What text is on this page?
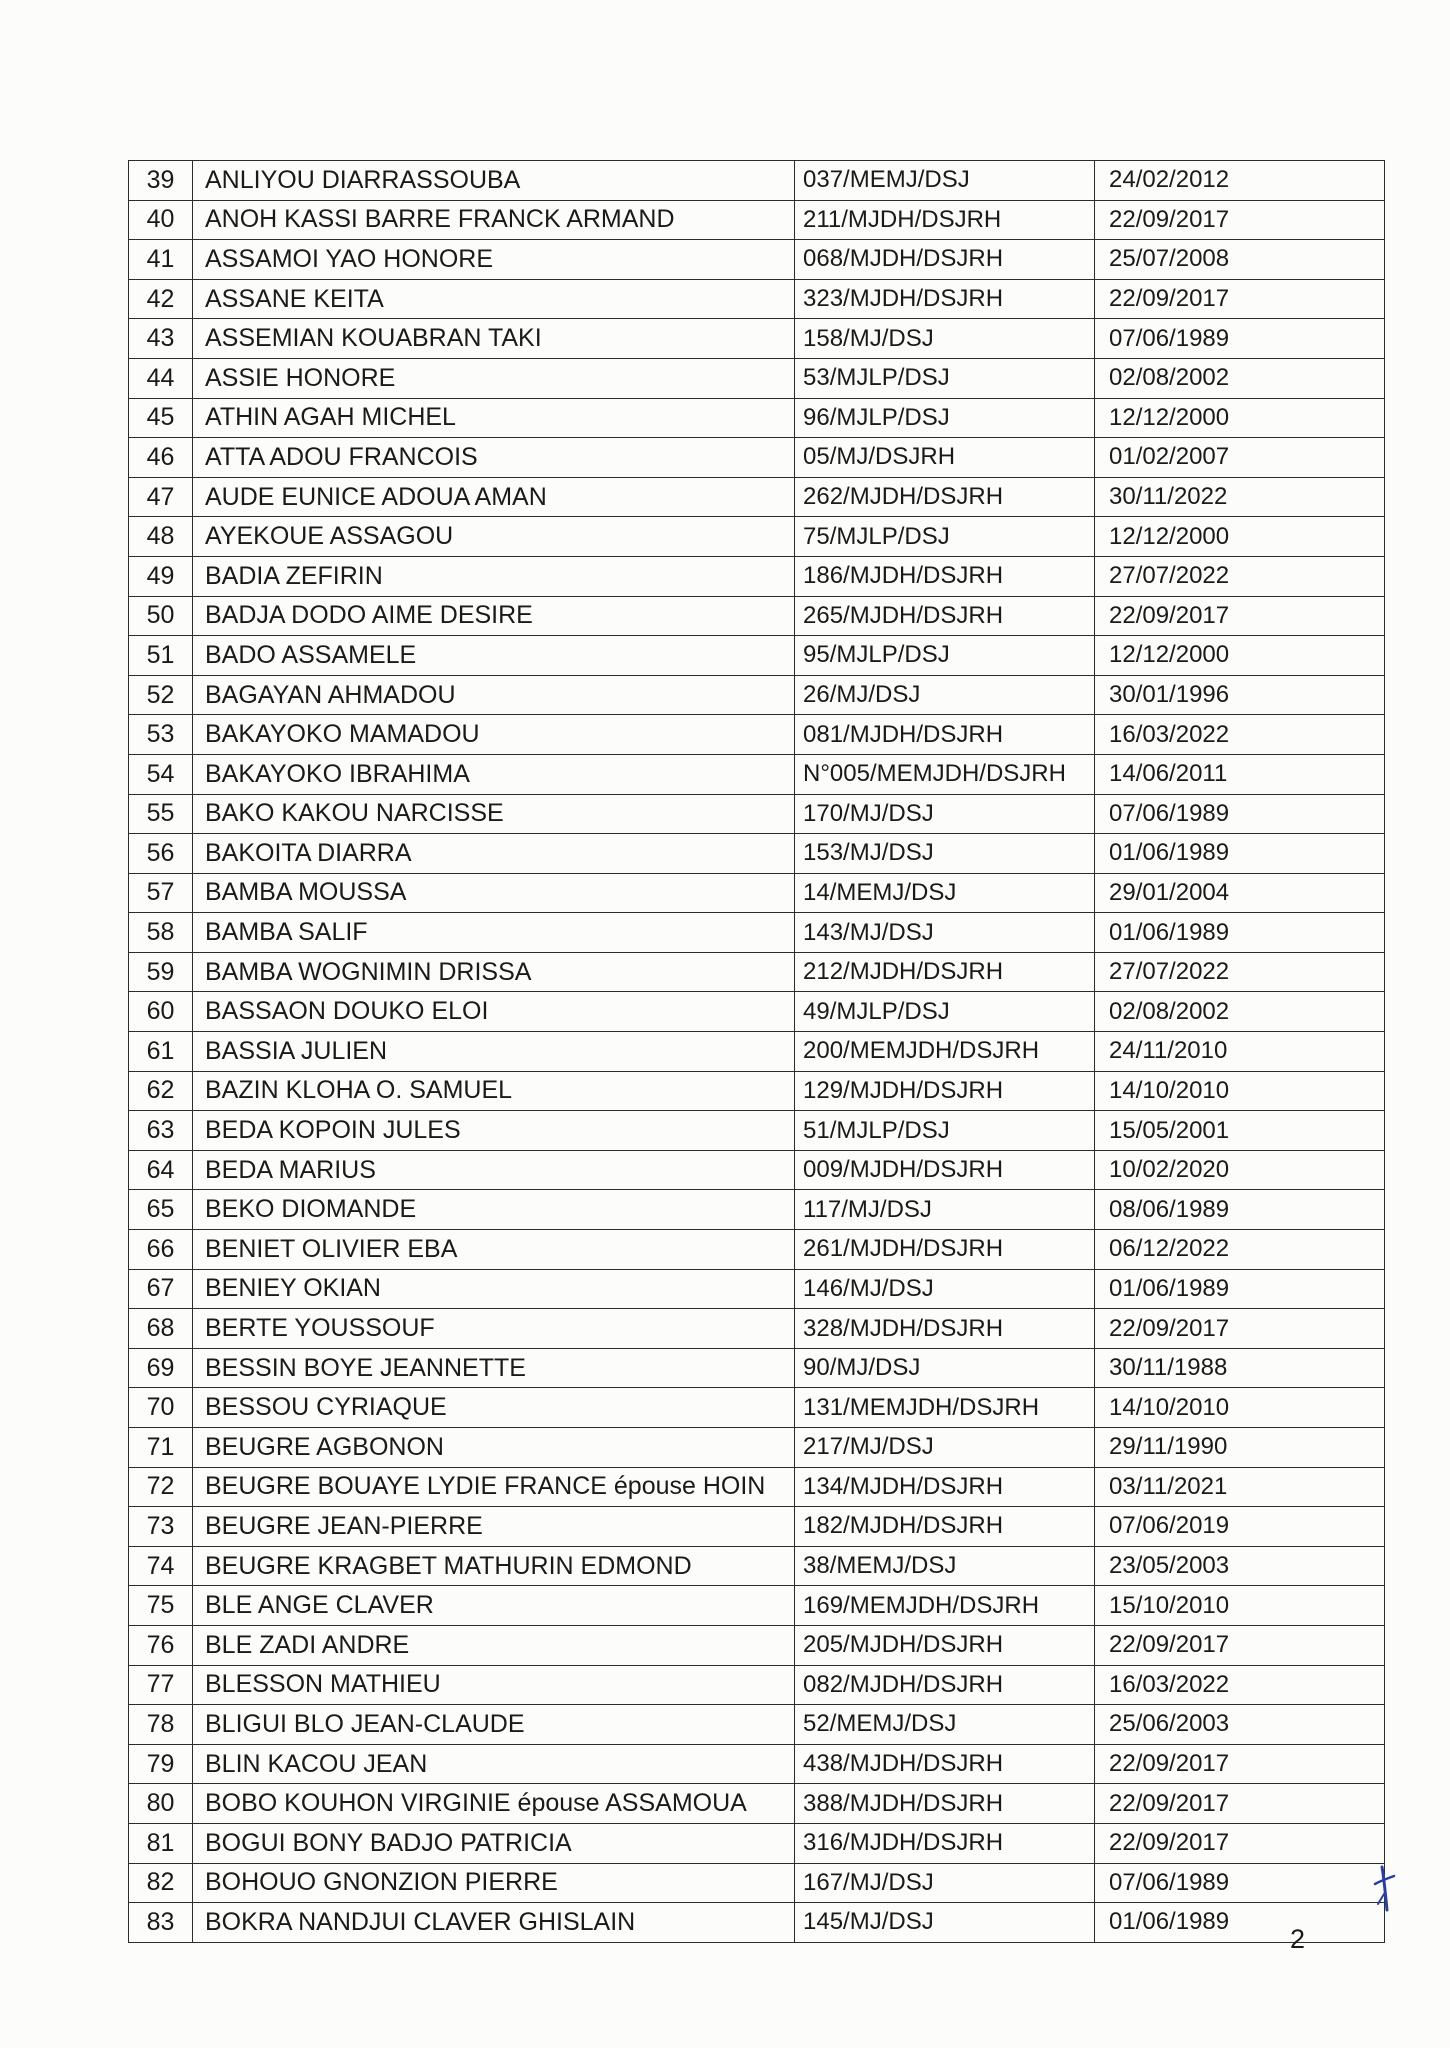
39	ANLIYOU DIARRASSOUBA	037/MEMJ/DSJ	24/02/2012
40	ANOH KASSI BARRE FRANCK ARMAND	211/MJDH/DSJRH	22/09/2017
41	ASSAMOI YAO HONORE	068/MJDH/DSJRH	25/07/2008
42	ASSANE KEITA	323/MJDH/DSJRH	22/09/2017
43	ASSEMIAN KOUABRAN TAKI	158/MJ/DSJ	07/06/1989
44	ASSIE HONORE	53/MJLP/DSJ	02/08/2002
45	ATHIN AGAH MICHEL	96/MJLP/DSJ	12/12/2000
46	ATTA ADOU FRANCOIS	05/MJ/DSJRH	01/02/2007
47	AUDE EUNICE ADOUA AMAN	262/MJDH/DSJRH	30/11/2022
48	AYEKOUE ASSAGOU	75/MJLP/DSJ	12/12/2000
49	BADIA ZEFIRIN	186/MJDH/DSJRH	27/07/2022
50	BADJA DODO AIME DESIRE	265/MJDH/DSJRH	22/09/2017
51	BADO ASSAMELE	95/MJLP/DSJ	12/12/2000
52	BAGAYAN AHMADOU	26/MJ/DSJ	30/01/1996
53	BAKAYOKO MAMADOU	081/MJDH/DSJRH	16/03/2022
54	BAKAYOKO IBRAHIMA	N°005/MEMJDH/DSJRH	14/06/2011
55	BAKO KAKOU NARCISSE	170/MJ/DSJ	07/06/1989
56	BAKOITA DIARRA	153/MJ/DSJ	01/06/1989
57	BAMBA MOUSSA	14/MEMJ/DSJ	29/01/2004
58	BAMBA SALIF	143/MJ/DSJ	01/06/1989
59	BAMBA WOGNIMIN DRISSA	212/MJDH/DSJRH	27/07/2022
60	BASSAON DOUKO ELOI	49/MJLP/DSJ	02/08/2002
61	BASSIA JULIEN	200/MEMJDH/DSJRH	24/11/2010
62	BAZIN KLOHA O. SAMUEL	129/MJDH/DSJRH	14/10/2010
63	BEDA KOPOIN JULES	51/MJLP/DSJ	15/05/2001
64	BEDA MARIUS	009/MJDH/DSJRH	10/02/2020
65	BEKO DIOMANDE	117/MJ/DSJ	08/06/1989
66	BENIET OLIVIER EBA	261/MJDH/DSJRH	06/12/2022
67	BENIEY OKIAN	146/MJ/DSJ	01/06/1989
68	BERTE YOUSSOUF	328/MJDH/DSJRH	22/09/2017
69	BESSIN BOYE JEANNETTE	90/MJ/DSJ	30/11/1988
70	BESSOU CYRIAQUE	131/MEMJDH/DSJRH	14/10/2010
71	BEUGRE AGBONON	217/MJ/DSJ	29/11/1990
72	BEUGRE BOUAYE LYDIE FRANCE épouse HOIN	134/MJDH/DSJRH	03/11/2021
73	BEUGRE JEAN-PIERRE	182/MJDH/DSJRH	07/06/2019
74	BEUGRE KRAGBET MATHURIN EDMOND	38/MEMJ/DSJ	23/05/2003
75	BLE ANGE CLAVER	169/MEMJDH/DSJRH	15/10/2010
76	BLE ZADI ANDRE	205/MJDH/DSJRH	22/09/2017
77	BLESSON MATHIEU	082/MJDH/DSJRH	16/03/2022
78	BLIGUI BLO JEAN-CLAUDE	52/MEMJ/DSJ	25/06/2003
79	BLIN KACOU JEAN	438/MJDH/DSJRH	22/09/2017
80	BOBO KOUHON VIRGINIE épouse ASSAMOUA	388/MJDH/DSJRH	22/09/2017
81	BOGUI BONY BADJO PATRICIA	316/MJDH/DSJRH	22/09/2017
82	BOHOUO GNONZION PIERRE	167/MJ/DSJ	07/06/1989
83	BOKRA NANDJUI CLAVER GHISLAIN	145/MJ/DSJ	01/06/1989
2
